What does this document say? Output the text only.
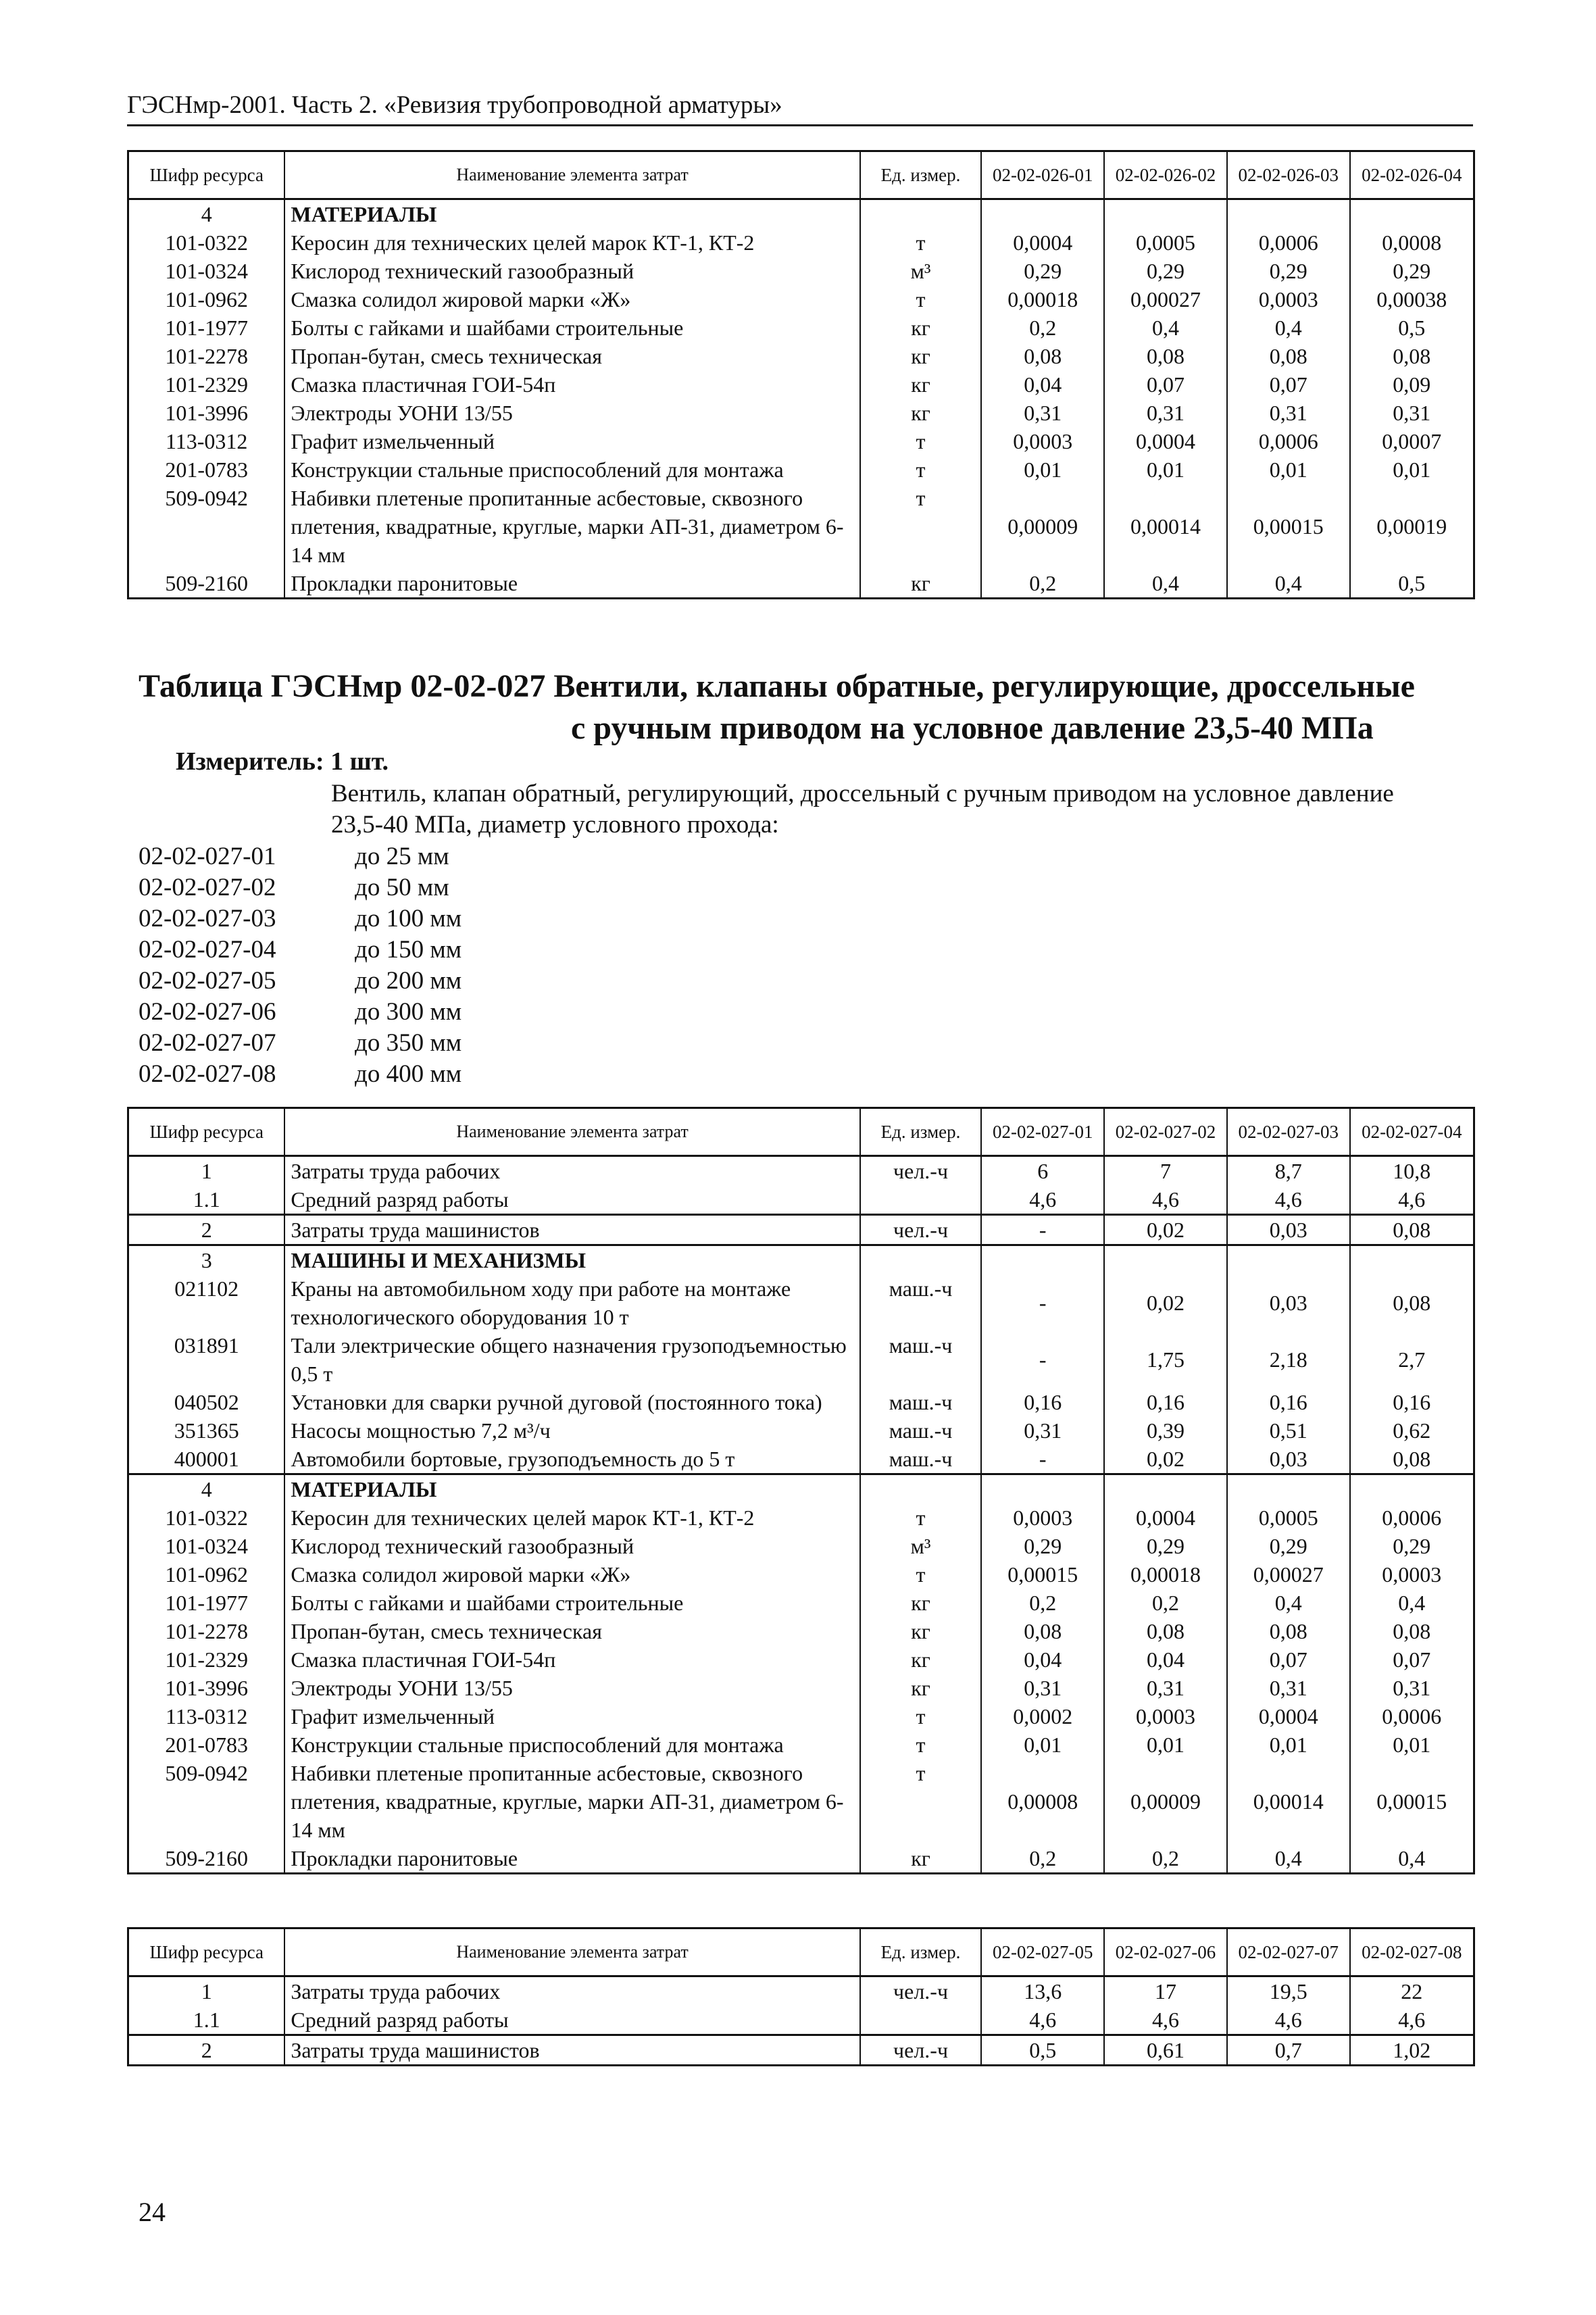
ГЭСНмр-2001. Часть 2. «Ревизия трубопроводной арматуры»
Шифр ресурса	Наименование элемента затрат	Ед. измер.	02-02-026-01	02-02-026-02	02-02-026-03	02-02-026-04
4	МАТЕРИАЛЫ					
101-0322	Керосин для технических целей марок КТ-1, КТ-2	т	0,0004	0,0005	0,0006	0,0008
101-0324	Кислород технический газообразный	м³	0,29	0,29	0,29	0,29
101-0962	Смазка солидол жировой марки «Ж»	т	0,00018	0,00027	0,0003	0,00038
101-1977	Болты с гайками и шайбами строительные	кг	0,2	0,4	0,4	0,5
101-2278	Пропан-бутан, смесь техническая	кг	0,08	0,08	0,08	0,08
101-2329	Смазка пластичная ГОИ-54п	кг	0,04	0,07	0,07	0,09
101-3996	Электроды УОНИ 13/55	кг	0,31	0,31	0,31	0,31
113-0312	Графит измельченный	т	0,0003	0,0004	0,0006	0,0007
201-0783	Конструкции стальные приспособлений для монтажа	т	0,01	0,01	0,01	0,01
509-0942	Набивки плетеные пропитанные асбестовые, сквозного плетения, квадратные, круглые, марки АП-31, диаметром 6-14 мм	т	0,00009	0,00014	0,00015	0,00019
509-2160	Прокладки паронитовые	кг	0,2	0,4	0,4	0,5
Таблица ГЭСНмр 02-02-027 Вентили, клапаны обратные, регулирующие, дроссельные
с ручным приводом на условное давление 23,5-40 МПа
Измеритель: 1 шт.
Вентиль, клапан обратный, регулирующий, дроссельный с ручным приводом на условное давление 23,5-40 МПа, диаметр условного прохода:
02-02-027-01	до 25 мм
02-02-027-02	до 50 мм
02-02-027-03	до 100 мм
02-02-027-04	до 150 мм
02-02-027-05	до 200 мм
02-02-027-06	до 300 мм
02-02-027-07	до 350 мм
02-02-027-08	до 400 мм
Шифр ресурса	Наименование элемента затрат	Ед. измер.	02-02-027-01	02-02-027-02	02-02-027-03	02-02-027-04
1	Затраты труда рабочих	чел.-ч	6	7	8,7	10,8
1.1	Средний разряд работы		4,6	4,6	4,6	4,6
2	Затраты труда машинистов	чел.-ч	-	0,02	0,03	0,08
3	МАШИНЫ И МЕХАНИЗМЫ					
021102	Краны на автомобильном ходу при работе на монтаже технологического оборудования 10 т	маш.-ч	-	0,02	0,03	0,08
031891	Тали электрические общего назначения грузоподъемностью 0,5 т	маш.-ч	-	1,75	2,18	2,7
040502	Установки для сварки ручной дуговой (постоянного тока)	маш.-ч	0,16	0,16	0,16	0,16
351365	Насосы мощностью 7,2 м³/ч	маш.-ч	0,31	0,39	0,51	0,62
400001	Автомобили бортовые, грузоподъемность до 5 т	маш.-ч	-	0,02	0,03	0,08
4	МАТЕРИАЛЫ					
101-0322	Керосин для технических целей марок КТ-1, КТ-2	т	0,0003	0,0004	0,0005	0,0006
101-0324	Кислород технический газообразный	м³	0,29	0,29	0,29	0,29
101-0962	Смазка солидол жировой марки «Ж»	т	0,00015	0,00018	0,00027	0,0003
101-1977	Болты с гайками и шайбами строительные	кг	0,2	0,2	0,4	0,4
101-2278	Пропан-бутан, смесь техническая	кг	0,08	0,08	0,08	0,08
101-2329	Смазка пластичная ГОИ-54п	кг	0,04	0,04	0,07	0,07
101-3996	Электроды УОНИ 13/55	кг	0,31	0,31	0,31	0,31
113-0312	Графит измельченный	т	0,0002	0,0003	0,0004	0,0006
201-0783	Конструкции стальные приспособлений для монтажа	т	0,01	0,01	0,01	0,01
509-0942	Набивки плетеные пропитанные асбестовые, сквозного плетения, квадратные, круглые, марки АП-31, диаметром 6-14 мм	т	0,00008	0,00009	0,00014	0,00015
509-2160	Прокладки паронитовые	кг	0,2	0,2	0,4	0,4
Шифр ресурса	Наименование элемента затрат	Ед. измер.	02-02-027-05	02-02-027-06	02-02-027-07	02-02-027-08
1	Затраты труда рабочих	чел.-ч	13,6	17	19,5	22
1.1	Средний разряд работы		4,6	4,6	4,6	4,6
2	Затраты труда машинистов	чел.-ч	0,5	0,61	0,7	1,02
24
